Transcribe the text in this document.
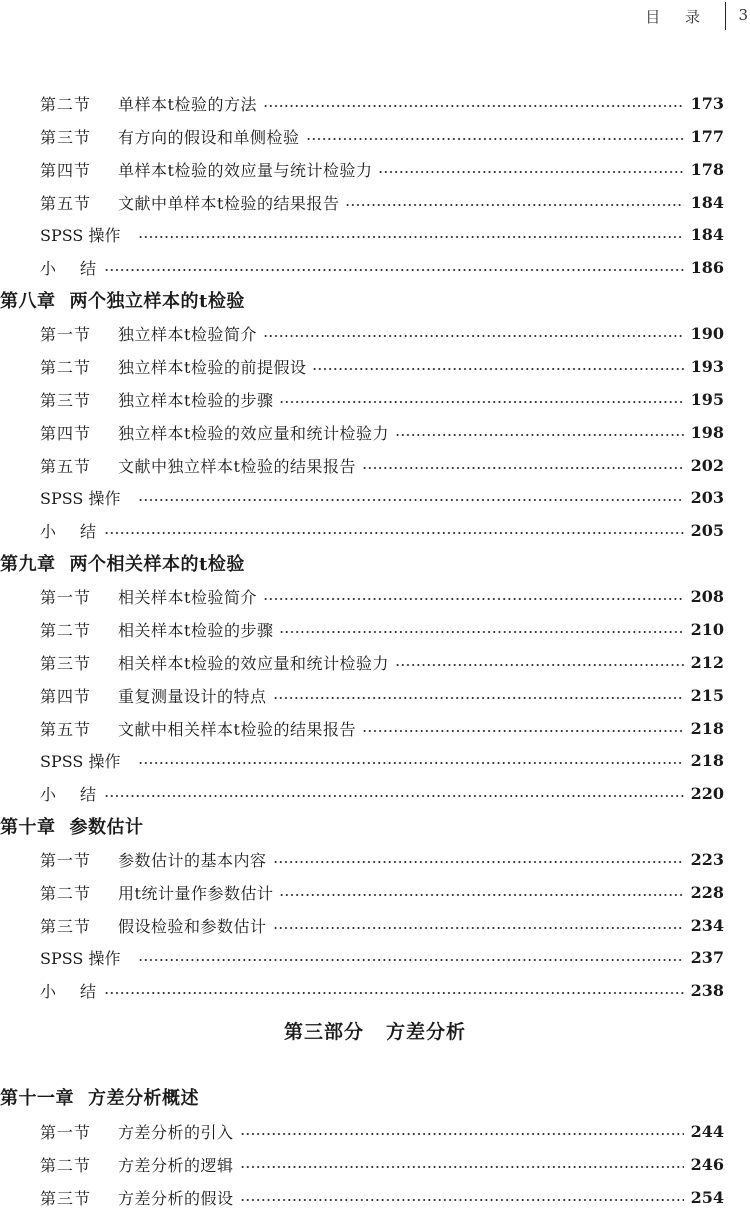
目 录 3
第二节	单样本t检验的方法	173
第三节	有方向的假设和单侧检验	177
第四节	单样本t检验的效应量与统计检验力	178
第五节	文献中单样本t检验的结果报告	184
SPSS 操作	184
小 结	186
第八章 两个独立样本的t检验
第一节	独立样本t检验简介	190
第二节	独立样本t检验的前提假设	193
第三节	独立样本t检验的步骤	195
第四节	独立样本t检验的效应量和统计检验力	198
第五节	文献中独立样本t检验的结果报告	202
SPSS 操作	203
小 结	205
第九章 两个相关样本的t检验
第一节	相关样本t检验简介	208
第二节	相关样本t检验的步骤	210
第三节	相关样本t检验的效应量和统计检验力	212
第四节	重复测量设计的特点	215
第五节	文献中相关样本t检验的结果报告	218
SPSS 操作	218
小 结	220
第十章 参数估计
第一节	参数估计的基本内容	223
第二节	用t统计量作参数估计	228
第三节	假设检验和参数估计	234
SPSS 操作	237
小 结	238
第三部分 方差分析
第十一章 方差分析概述
第一节	方差分析的引入	244
第二节	方差分析的逻辑	246
第三节	方差分析的假设	254
